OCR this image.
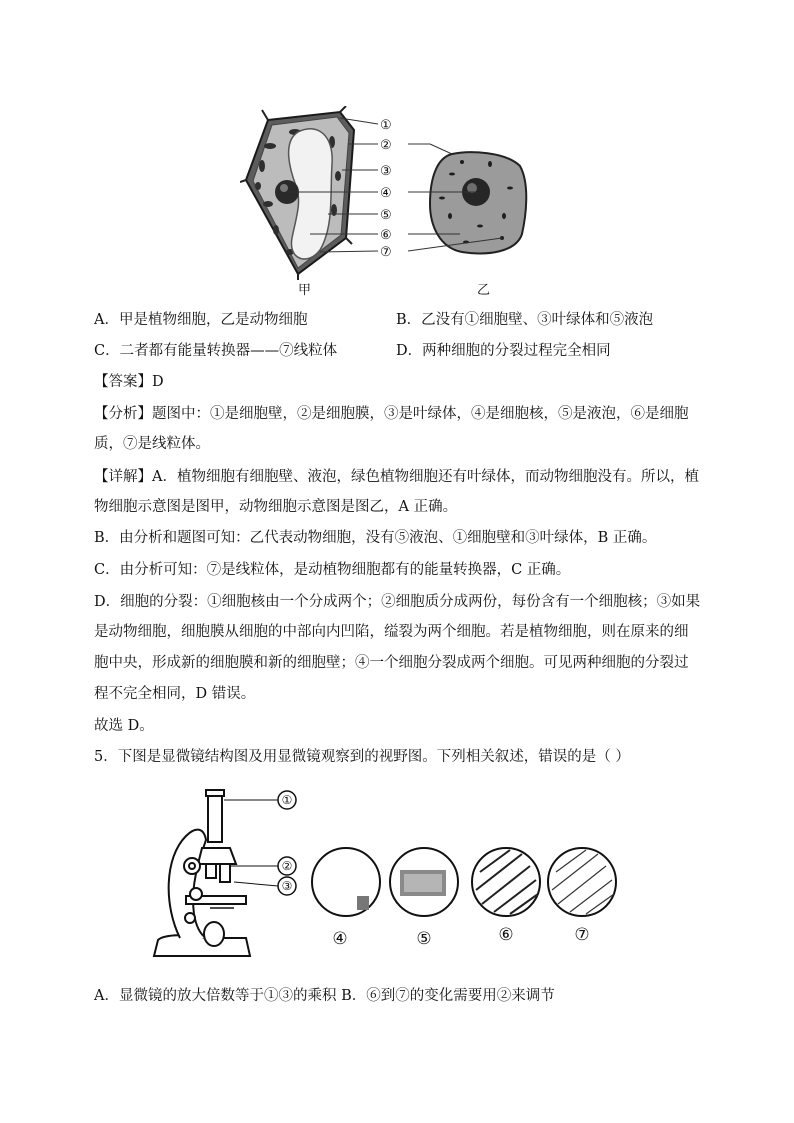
①
②
③
④
⑤
⑥
⑦
甲	乙
A．甲是植物细胞，乙是动物细胞	B．乙没有①细胞壁、③叶绿体和⑤液泡
C．二者都有能量转换器——⑦线粒体	D．两种细胞的分裂过程完全相同
【答案】D
【分析】题图中：①是细胞壁，②是细胞膜，③是叶绿体，④是细胞核，⑤是液泡，⑥是细胞
质，⑦是线粒体。
【详解】A．植物细胞有细胞壁、液泡，绿色植物细胞还有叶绿体，而动物细胞没有。所以，植
物细胞示意图是图甲，动物细胞示意图是图乙，A 正确。
B．由分析和题图可知：乙代表动物细胞，没有⑤液泡、①细胞壁和③叶绿体，B 正确。
C．由分析可知：⑦是线粒体，是动植物细胞都有的能量转换器，C 正确。
D．细胞的分裂：①细胞核由一个分成两个；②细胞质分成两份，每份含有一个细胞核；③如果
是动物细胞，细胞膜从细胞的中部向内凹陷，缢裂为两个细胞。若是植物细胞，则在原来的细
胞中央，形成新的细胞膜和新的细胞壁；④一个细胞分裂成两个细胞。可见两种细胞的分裂过
程不完全相同，D 错误。
故选 D。
5．下图是显微镜结构图及用显微镜观察到的视野图。下列相关叙述，错误的是（ ）
①
②
③
④	⑤	⑥	⑦
A．显微镜的放大倍数等于①③的乘积 B．⑥到⑦的变化需要用②来调节
